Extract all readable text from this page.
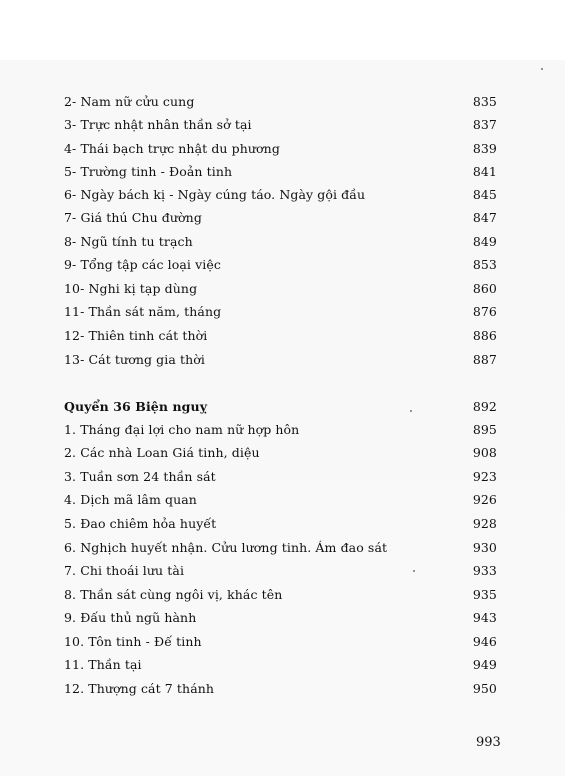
2- Nam nữ cửu cung	835
3- Trực nhật nhân thần sở tại	837
4- Thái bạch trực nhật du phương	839
5- Trường tinh - Đoản tinh	841
6- Ngày bách kị - Ngày cúng táo. Ngày gội đầu	845
7- Giá thú Chu đường	847
8- Ngũ tính tu trạch	849
9- Tổng tập các loại việc	853
10- Nghi kị tạp dùng	860
11- Thần sát năm, tháng	876
12- Thiên tinh cát thời	886
13- Cát tương gia thời	887
Quyển 36 Biện nguỵ	892
1. Tháng đại lợi cho nam nữ hợp hôn	895
2. Các nhà Loan Giá tinh, diệu	908
3. Tuần sơn 24 thần sát	923
4. Dịch mã lâm quan	926
5. Đao chiêm hỏa huyết	928
6. Nghịch huyết nhận. Cửu lương tinh. Ám đao sát	930
7. Chi thoái lưu tài	933
8. Thần sát cùng ngôi vị, khác tên	935
9. Đấu thủ ngũ hành	943
10. Tôn tinh - Đế tinh	946
11. Thần tại	949
12. Thượng cát 7 thánh	950
993
